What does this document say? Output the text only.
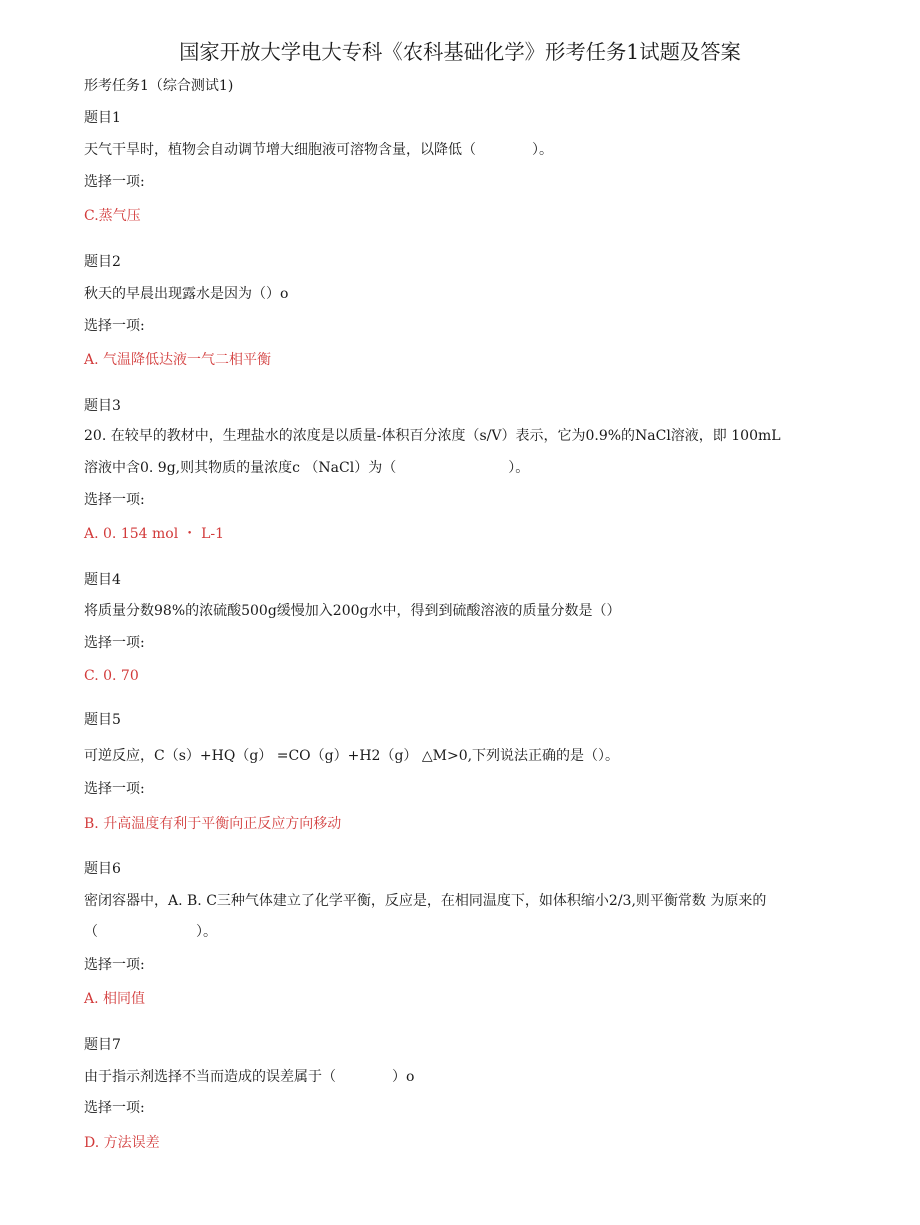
国家开放大学电大专科《农科基础化学》形考任务1试题及答案
形考任务1（综合测试1)
题目1
天气干旱时，植物会自动调节增大细胞液可溶物含量，以降低（　　　　）。
选择一项:
C.蒸气压
题目2
秋天的早晨出现露水是因为（）o
选择一项:
A. 气温降低达液一气二相平衡
题目3
20. 在较早的教材中，生理盐水的浓度是以质量-体积百分浓度（s/V）表示，它为0.9%的NaCl溶液，即 100mL
溶液中含0. 9g,则其物质的量浓度c （NaCl）为（　　　　　　　　）。
选择一项:
A. 0. 154 mol ・ L-1
题目4
将质量分数98%的浓硫酸500g缓慢加入200g水中，得到到硫酸溶液的质量分数是（）
选择一项:
C. 0. 70
题目5
可逆反应，C（s）+HQ（g） =CO（g）+H2（g） △M>0,下列说法正确的是（）。
选择一项:
B. 升高温度有利于平衡向正反应方向移动
题目6
密闭容器中，A. B. C三种气体建立了化学平衡，反应是，在相同温度下，如体积缩小2/3,则平衡常数 为原来的
（　　　　　　　）。
选择一项:
A. 相同值
题目7
由于指示剂选择不当而造成的误差属于（　　　　）o
选择一项:
D. 方法误差
